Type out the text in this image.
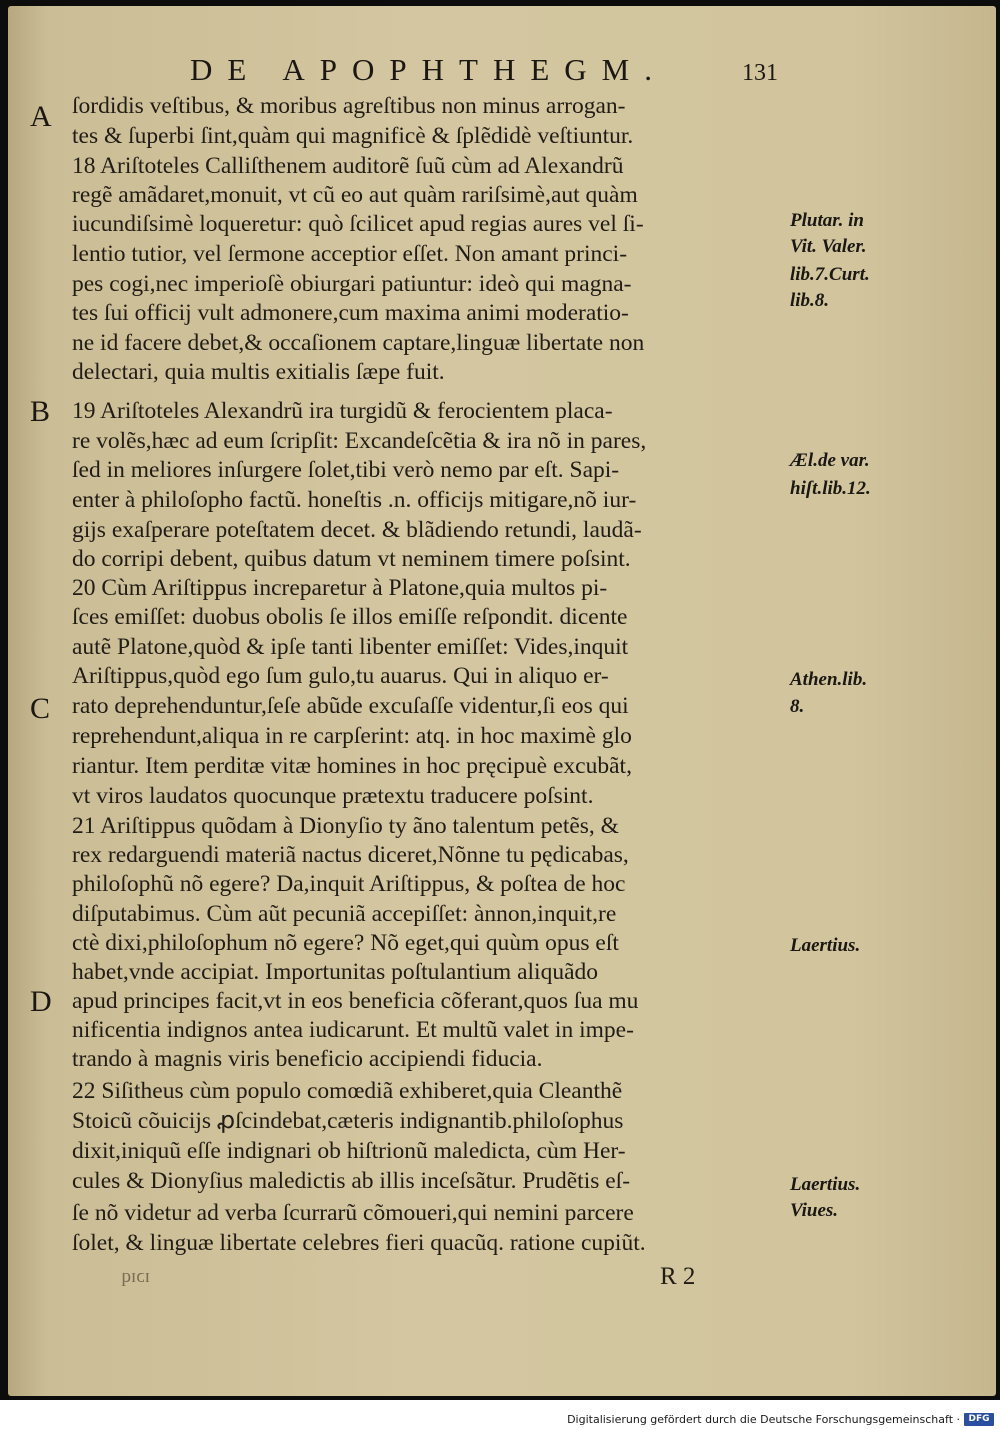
DE APOPHTHEGM.	131
A
B
C
D
ſordidis veſtibus, & moribus agreſtibus non minus arrogan-
tes & ſuperbi ſint,quàm qui magnificè & ſplẽdidè veſtiuntur.
18 Ariſtoteles Calliſthenem auditorẽ ſuũ cùm ad Alexandrũ
regẽ amãdaret,monuit, vt cũ eo aut quàm rariſsimè,aut quàm
iucundiſsimè loqueretur: quò ſcilicet apud regias aures vel ſi-
lentio tutior, vel ſermone acceptior eſſet. Non amant princi-
pes cogi,nec imperioſè obiurgari patiuntur: ideò qui magna-
tes ſui officij vult admonere,cum maxima animi moderatio-
ne id facere debet,& occaſionem captare,linguæ libertate non
delectari, quia multis exitialis ſæpe fuit.
19 Ariſtoteles Alexandrũ ira turgidũ & ferocientem placa-
re volẽs,hæc ad eum ſcripſit: Excandeſcẽtia & ira nõ in pares,
ſed in meliores inſurgere ſolet,tibi verò nemo par eſt. Sapi-
enter à philoſopho factũ. honeſtis .n. officijs mitigare,nõ iur-
gijs exaſperare poteſtatem decet. & blãdiendo retundi, laudã-
do corripi debent, quibus datum vt neminem timere poſsint.
20 Cùm Ariſtippus increparetur à Platone,quia multos pi-
ſces emiſſet: duobus obolis ſe illos emiſſe reſpondit. dicente
autẽ Platone,quòd & ipſe tanti libenter emiſſet: Vides,inquit
Ariſtippus,quòd ego ſum gulo,tu auarus. Qui in aliquo er-
rato deprehenduntur,ſeſe abũde excuſaſſe videntur,ſi eos qui
reprehendunt,aliqua in re carpſerint: atq. in hoc maximè glo
riantur. Item perditæ vitæ homines in hoc pręcipuè excubãt,
vt viros laudatos quocunque prætextu traducere poſsint.
21 Ariſtippus quõdam à Dionyſio ty ãno talentum petẽs, &
rex redarguendi materiã nactus diceret,Nõnne tu pędicabas,
philoſophũ nõ egere? Da,inquit Ariſtippus, & poſtea de hoc
diſputabimus. Cùm aũt pecuniã accepiſſet: ànnon,inquit,re
ctè dixi,philoſophum nõ egere? Nõ eget,qui quùm opus eſt
habet,vnde accipiat. Importunitas poſtulantium aliquãdo
apud principes facit,vt in eos beneficia cõferant,quos ſua mu
nificentia indignos antea iudicarunt. Et multũ valet in impe-
trando à magnis viris beneficio accipiendi fiducia.
22 Siſitheus cùm populo comœdiã exhiberet,quia Cleanthẽ
Stoicũ cõuicijs ꝓſcindebat,cæteris indignantib.philoſophus
dixit,iniquũ eſſe indignari ob hiſtrionũ maledicta, cùm Her-
cules & Dionyſius maledictis ab illis inceſsãtur. Prudẽtis eſ-
ſe nõ videtur ad verba ſcurrarũ cõmoueri,qui nemini parcere
ſolet, & linguæ libertate celebres fieri quacũq. ratione cupiũt.
Plutar. in
Vit. Valer.
lib.7.Curt.
lib.8.
Æl.de var.
hiſt.lib.12.
Athen.lib.
8.
Laertius.
Laertius.
Viues.
ɪɔɪq	R 2
Digitalisierung gefördert durch die Deutsche Forschungsgemeinschaft · DFG
